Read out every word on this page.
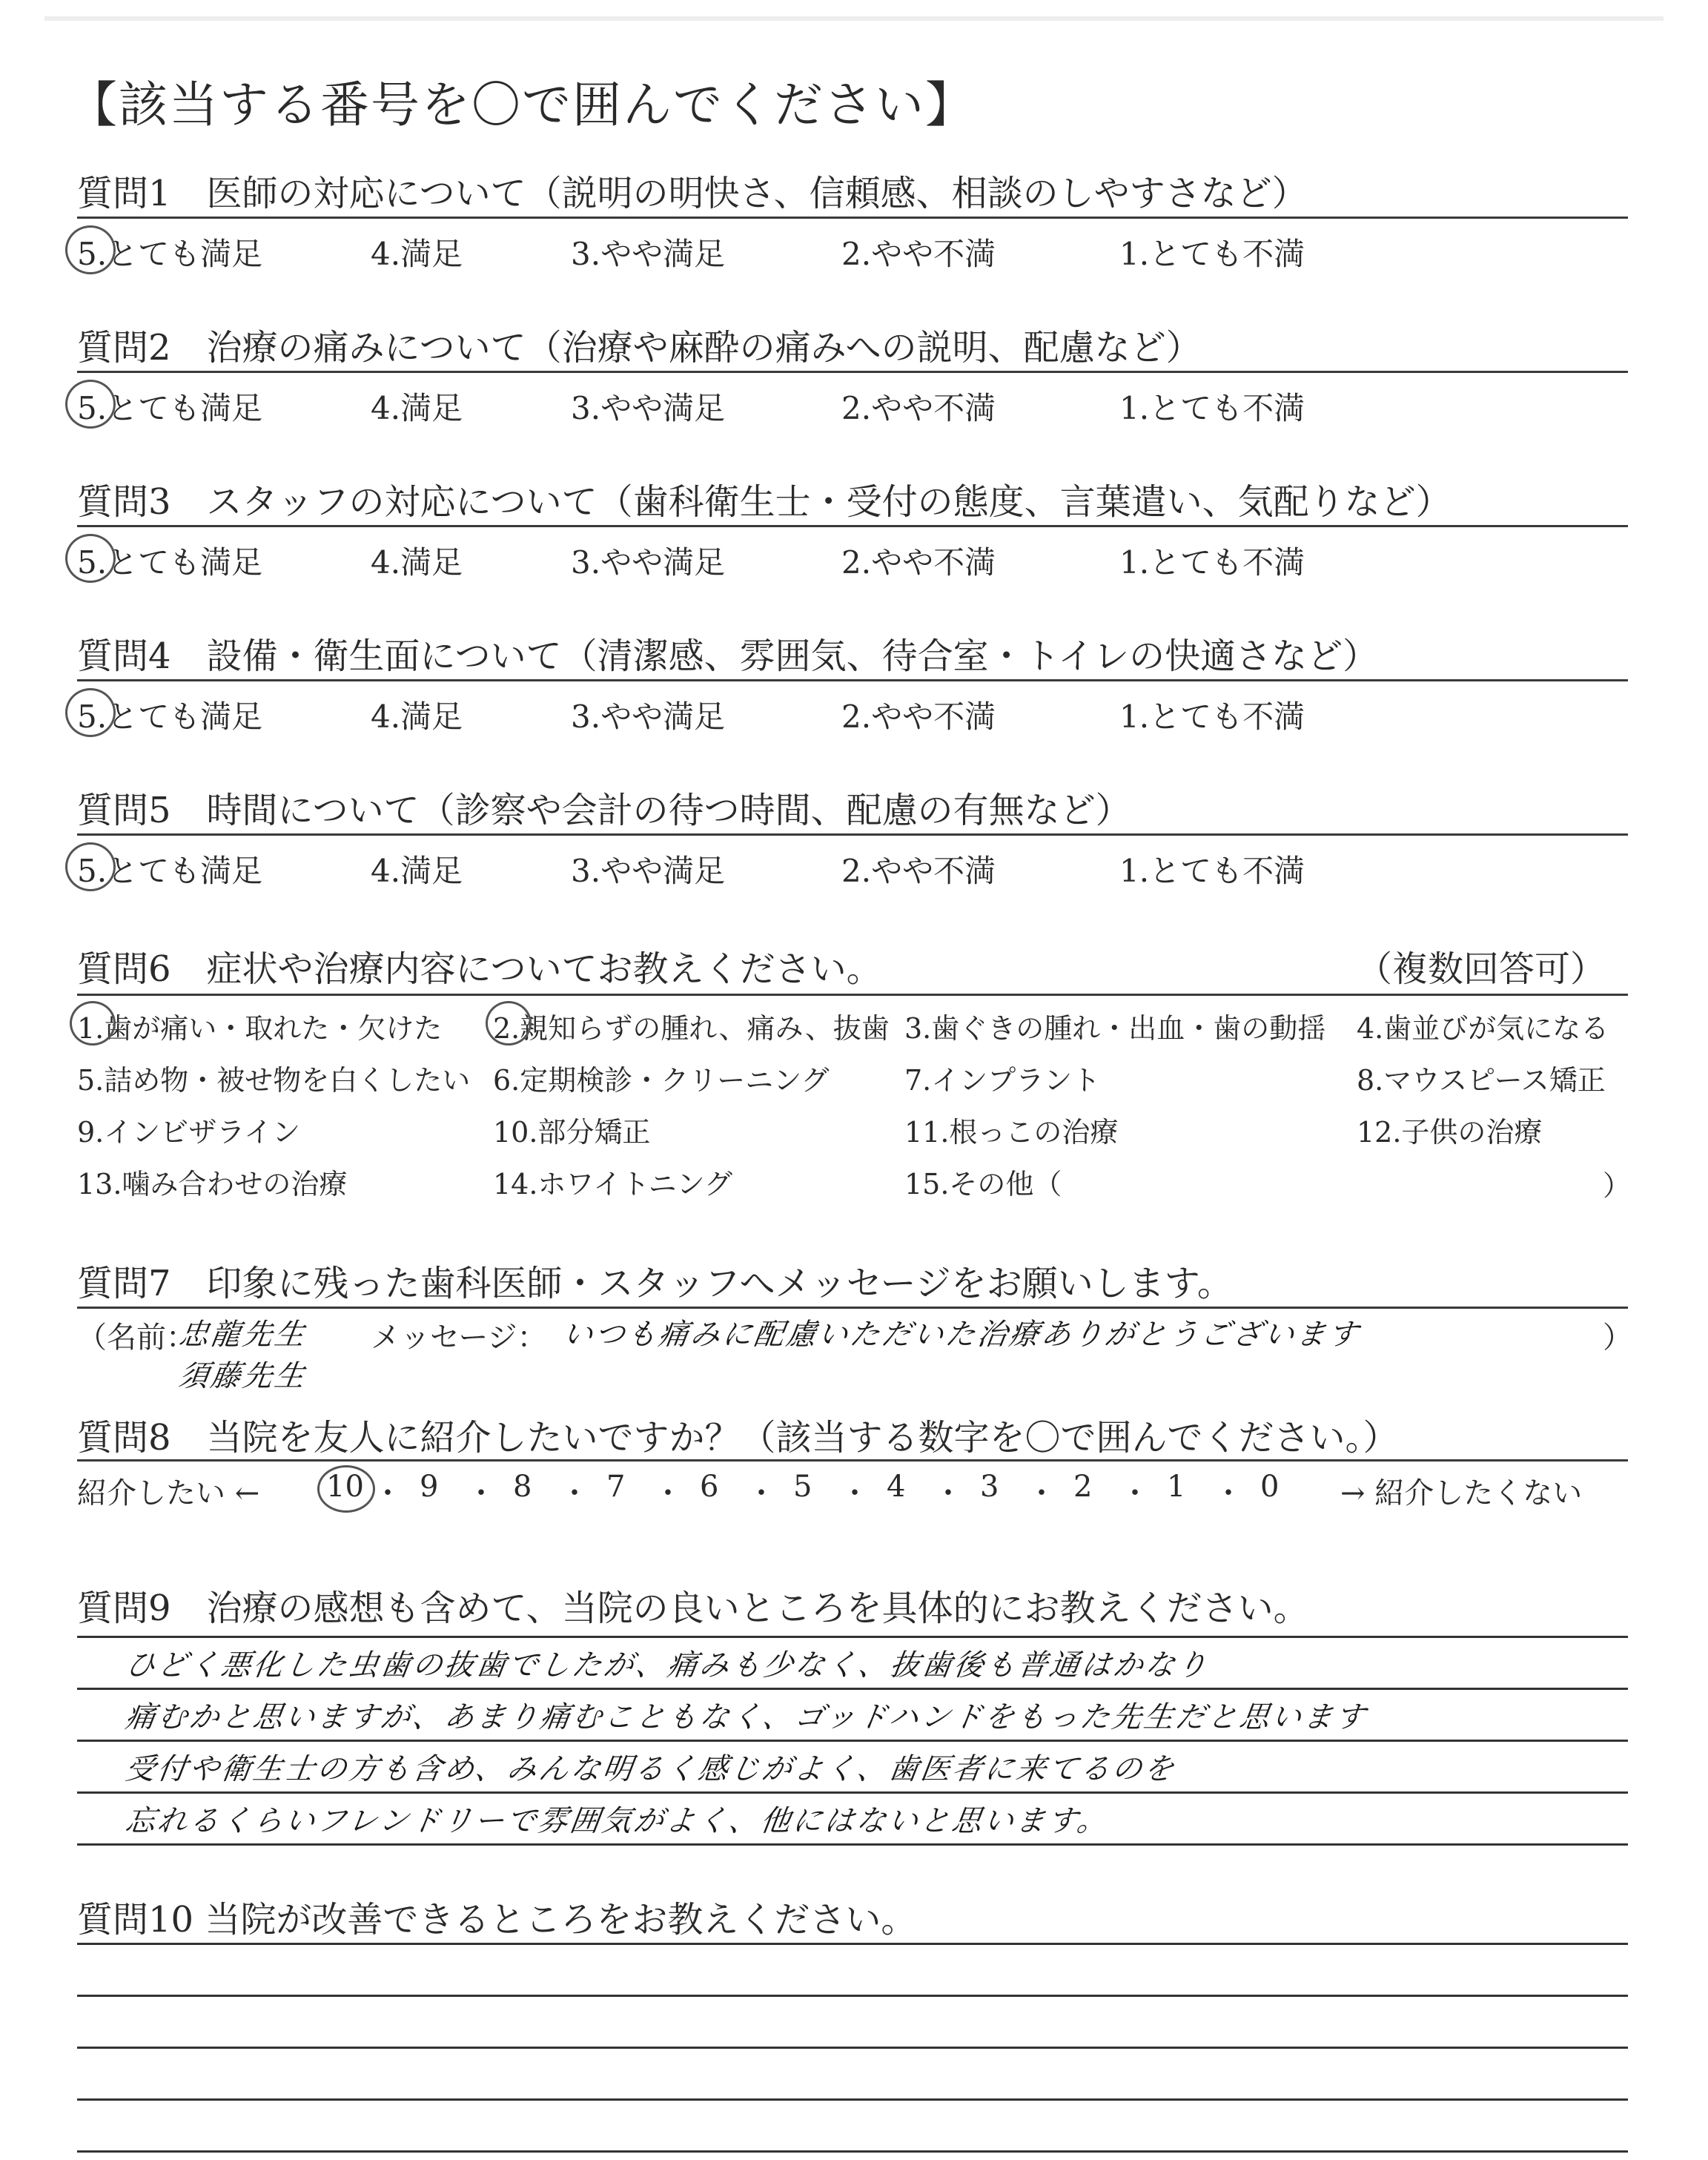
【該当する番号を〇で囲んでください】
質問1　医師の対応について（説明の明快さ、信頼感、相談のしやすさなど）
5.とても満足	4.満足	3.やや満足	2.やや不満	1.とても不満
質問2　治療の痛みについて（治療や麻酔の痛みへの説明、配慮など）
5.とても満足	4.満足	3.やや満足	2.やや不満	1.とても不満
質問3　スタッフの対応について（歯科衛生士・受付の態度、言葉遣い、気配りなど）
5.とても満足	4.満足	3.やや満足	2.やや不満	1.とても不満
質問4　設備・衛生面について（清潔感、雰囲気、待合室・トイレの快適さなど）
5.とても満足	4.満足	3.やや満足	2.やや不満	1.とても不満
質問5　時間について（診察や会計の待つ時間、配慮の有無など）
5.とても満足	4.満足	3.やや満足	2.やや不満	1.とても不満
質問6　症状や治療内容についてお教えください。	（複数回答可）
1.歯が痛い・取れた・欠けた 2.親知らずの腫れ、痛み、抜歯 3.歯ぐきの腫れ・出血・歯の動揺 4.歯並びが気になる
5.詰め物・被せ物を白くしたい 6.定期検診・クリーニング	7.インプラント	8.マウスピース矯正
9.インビザライン	10.部分矯正	11.根っこの治療	12.子供の治療
13.噛み合わせの治療	14.ホワイトニング	15.その他（	）
質問7　印象に残った歯科医師・スタッフへメッセージをお願いします。
（名前：
忠龍先生
須藤先生
メッセージ： いつも痛みに配慮いただいた治療ありがとうございます	）
質問8　当院を友人に紹介したいですか？（該当する数字を〇で囲んでください。）
紹介したい ← 10 ・ 9 ・ 8 ・ 7 ・ 6 ・ 5 ・ 4 ・ 3 ・ 2 ・ 1 ・ 0 → 紹介したくない
質問9　治療の感想も含めて、当院の良いところを具体的にお教えください。
ひどく悪化した虫歯の抜歯でしたが、痛みも少なく、抜歯後も普通はかなり
痛むかと思いますが、あまり痛むこともなく、ゴッドハンドをもった先生だと思います
受付や衛生士の方も含め、みんな明るく感じがよく、歯医者に来てるのを
忘れるくらいフレンドリーで雰囲気がよく、他にはないと思います。
質問10 当院が改善できるところをお教えください。
